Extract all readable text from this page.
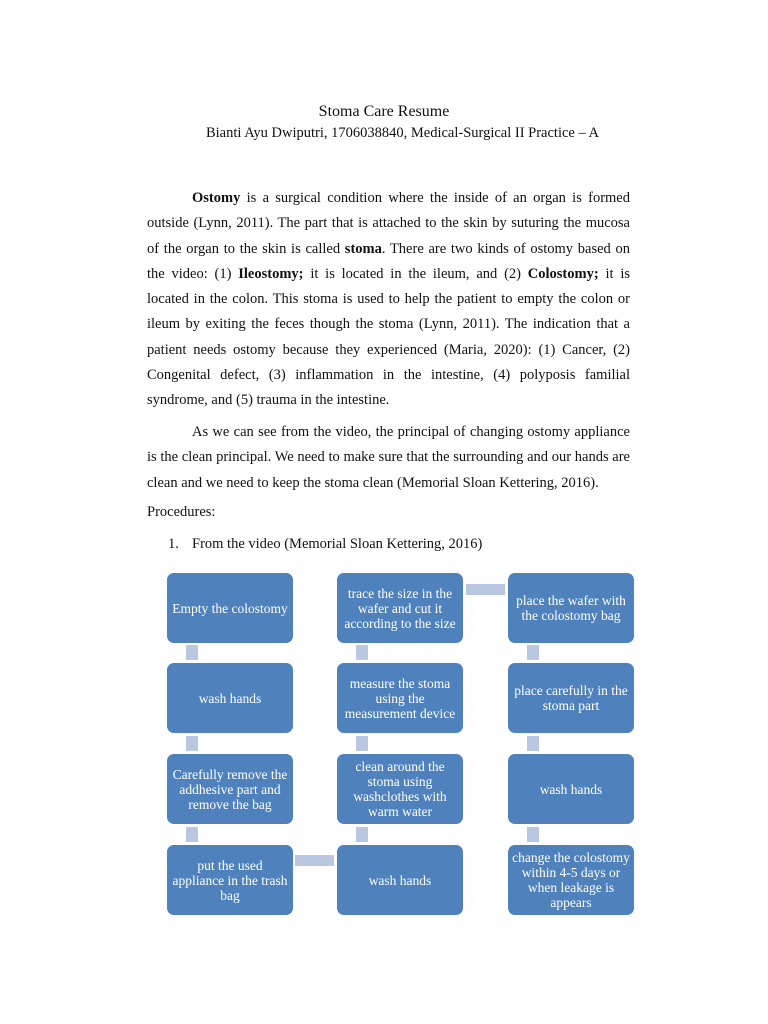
Stoma Care Resume
Bianti Ayu Dwiputri, 1706038840, Medical-Surgical II Practice – A

Ostomy is a surgical condition where the inside of an organ is formed outside (Lynn, 2011). The part that is attached to the skin by suturing the mucosa of the organ to the skin is called stoma. There are two kinds of ostomy based on the video: (1) Ileostomy; it is located in the ileum, and (2) Colostomy; it is located in the colon. This stoma is used to help the patient to empty the colon or ileum by exiting the feces though the stoma (Lynn, 2011). The indication that a patient needs ostomy because they experienced (Maria, 2020): (1) Cancer, (2) Congenital defect, (3) inflammation in the intestine, (4) polyposis familial syndrome, and (5) trauma in the intestine.

As we can see from the video, the principal of changing ostomy appliance is the clean principal. We need to make sure that the surrounding and our hands are clean and we need to keep the stoma clean (Memorial Sloan Kettering, 2016).

Procedures:
1. From the video (Memorial Sloan Kettering, 2016)
Empty the colostomy
wash hands
Carefully remove the addhesive part and remove the bag
put the used appliance in the trash bag
trace the size in the wafer and cut it according to the size
measure the stoma using the measurement device
clean around the stoma using washclothes with warm water
wash hands
place the wafer with the colostomy bag
place carefully in the stoma part
wash hands
change the colostomy within 4-5 days or when leakage is appears
